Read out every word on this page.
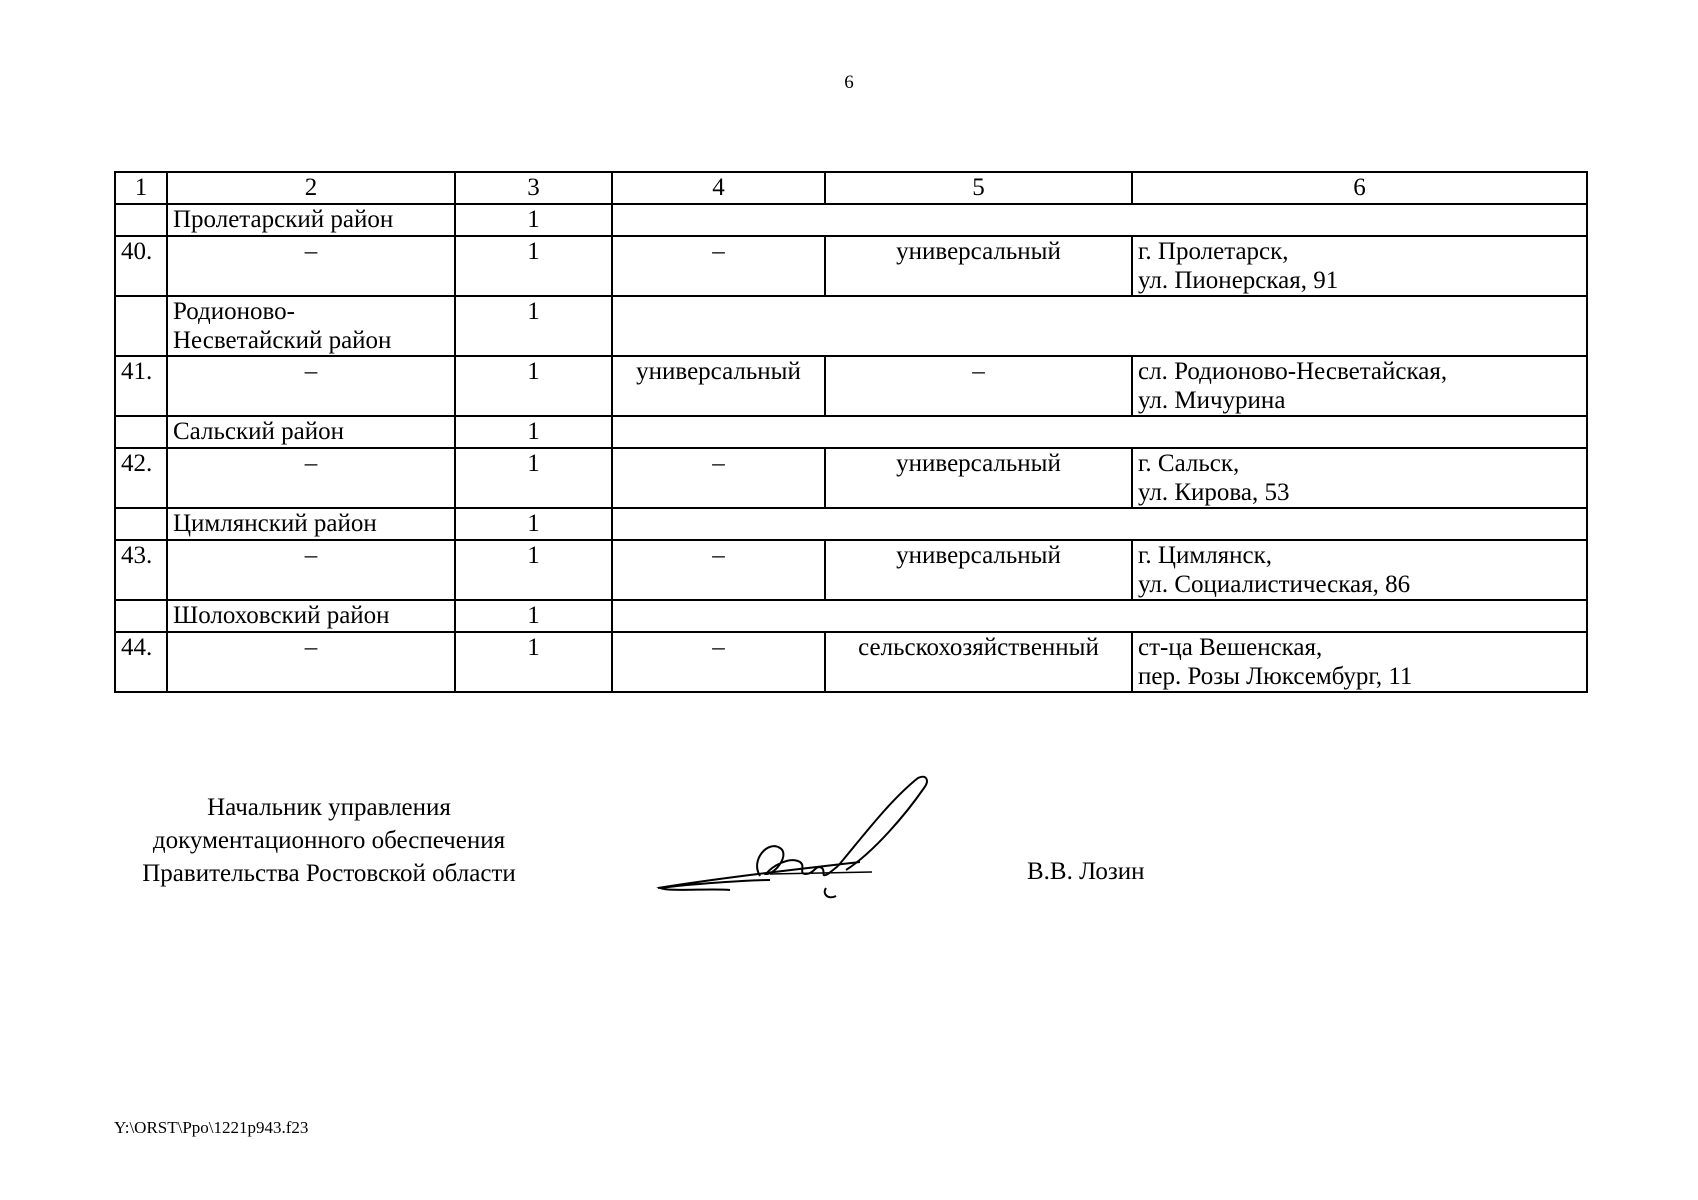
6
1	2	3	4	5	6
	Пролетарский район	1			
40.	–	1	–	универсальный	г. Пролетарск,
ул. Пионерская, 91

	Родионово-
Несветайский район	1			
41.	–	1	универсальный	–	сл. Родионово-Несветайская,
ул. Мичурина

	Сальский район	1			
42.	–	1	–	универсальный	г. Сальск,
ул. Кирова, 53

	Цимлянский район	1			
43.	–	1	–	универсальный	г. Цимлянск,
ул. Социалистическая, 86

	Шолоховский район	1			
44.	–	1	–	сельскохозяйственный	ст-ца Вешенская,
пер. Розы Люксембург, 11
Начальник управления
документационного обеспечения
Правительства Ростовской области	В.В. Лозин
Y:\ORST\Ppo\1221p943.f23
